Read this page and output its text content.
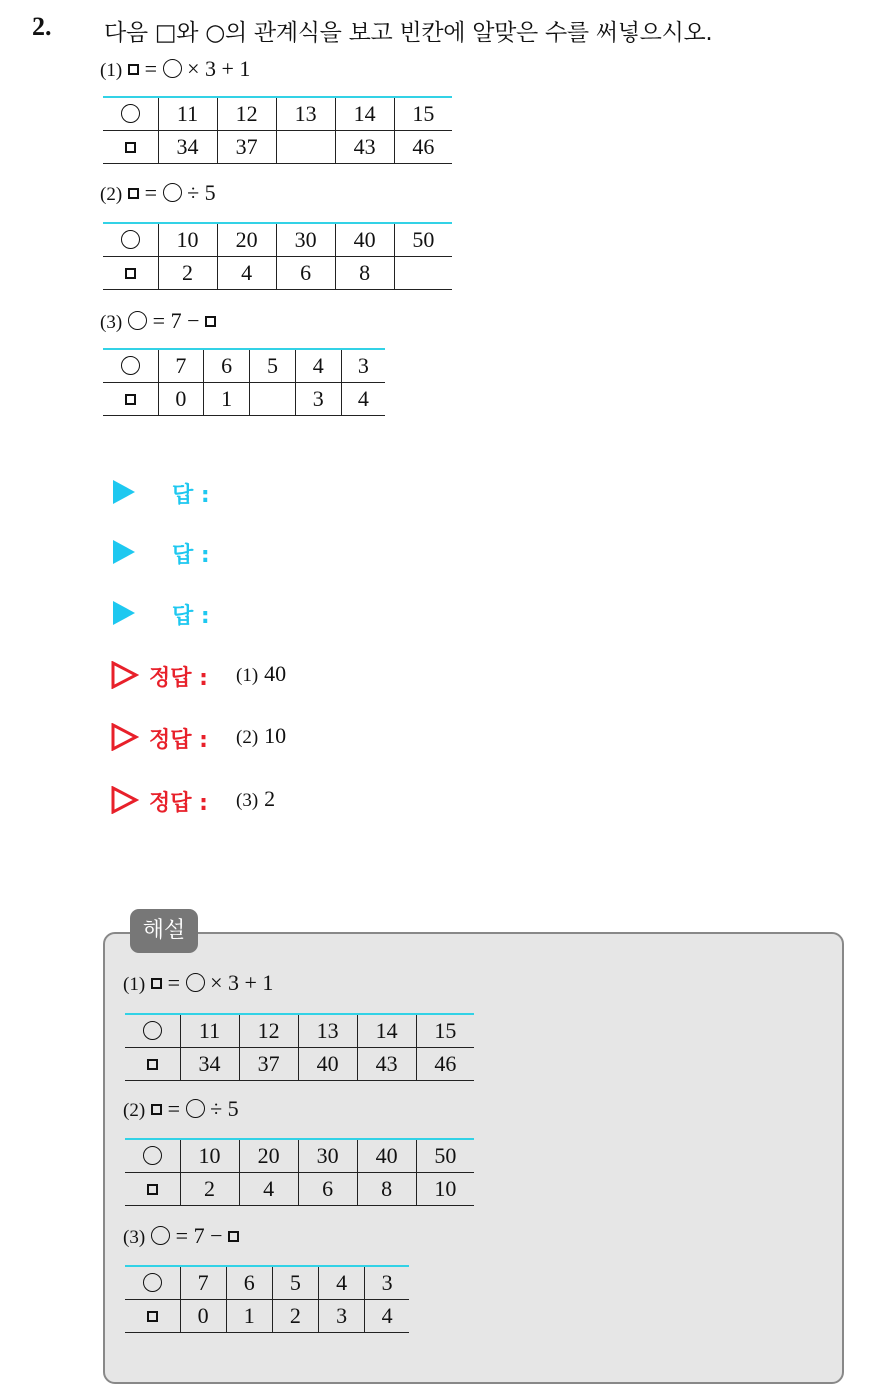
2. 다음 □와 ○의 관계식을 보고 빈칸에 알맞은 수를 써넣으시오.
(1) = × 3 + 1
	11	12	13	14	15
	34	37		43	46
(2) = ÷ 5
	10	20	30	40	50
	2	4	6	8	
(3) = 7 −
	7	6	5	4	3
	0	1		3	4
답 :
답 :
답 :
정답 : (1) 40
정답 : (2) 10
정답 : (3) 2
해설
(1) = × 3 + 1
	11	12	13	14	15
	34	37	40	43	46
(2) = ÷ 5
	10	20	30	40	50
	2	4	6	8	10
(3) = 7 −
	7	6	5	4	3
	0	1	2	3	4
